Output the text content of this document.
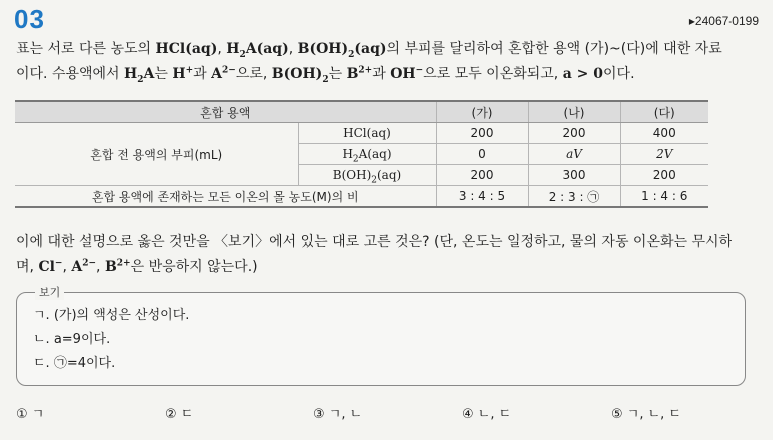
03	▸24067-0199
표는 서로 다른 농도의 HCl(aq), $H_2A(aq)$, $B(OH)_2(aq)$의 부피를 달리하여 혼합한 용액 (가)~(다)에 대한 자료
이다. 수용액에서 $H_2A$는 H+과 $A^{2-}$으로, $B(OH)_2$는 $B^{2+}$과 OH−으로 모두 이온화되고, a > 0이다.
혼합 용액		(가)	(나)	(다)
혼합 전 용액의 부피(mL)	HCl(aq)	200	200	400
	$H_2A(aq)$	0	aV	2V
	$B(OH)_2(aq)$	200	300	200
혼합 용액에 존재하는 모든 이온의 몰 농도(M)의 비		3 : 4 : 5	2 : 3 : ㉠	1 : 4 : 6
이에 대한 설명으로 옳은 것만을 〈보기〉에서 있는 대로 고른 것은? (단, 온도는 일정하고, 물의 자동 이온화는 무시하
며, Cl−, $A^{2-}$, $B^{2+}$은 반응하지 않는다.)
보기
ㄱ. (가)의 액성은 산성이다.
ㄴ. a=9이다.
ㄷ. ㉠=4이다.
① ㄱ	② ㄷ	③ ㄱ, ㄴ	④ ㄴ, ㄷ	⑤ ㄱ, ㄴ, ㄷ
